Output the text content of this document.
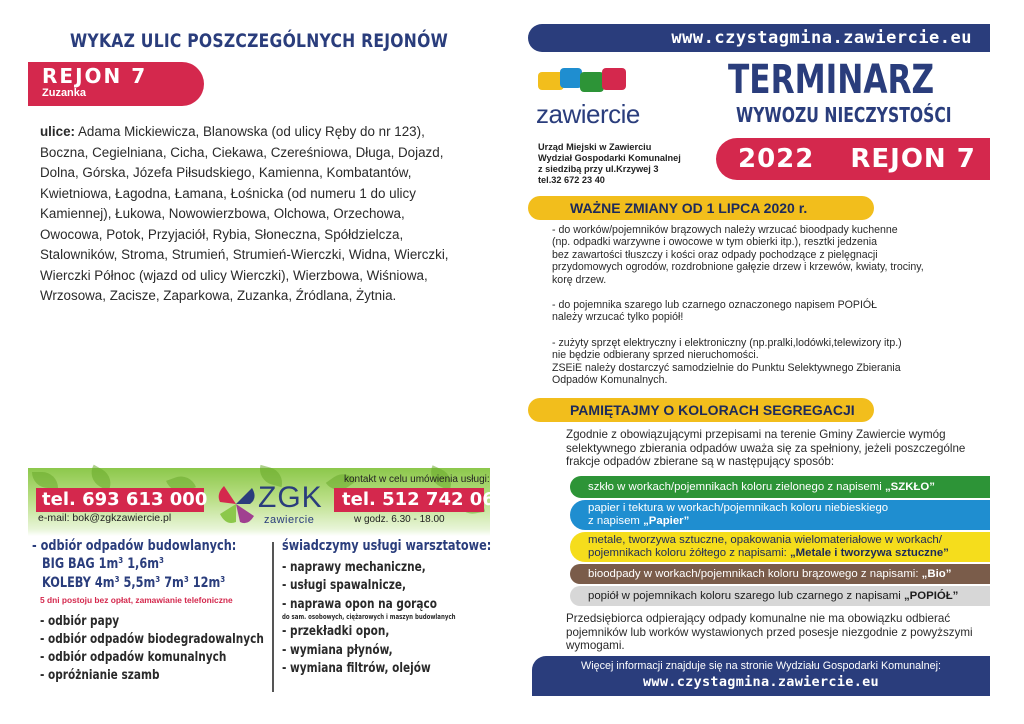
WYKAZ ULIC POSZCZEGÓLNYCH REJONÓW
REJON 7
Zuzanka
ulice: Adama Mickiewicza, Blanowska (od ulicy Ręby do nr 123), Boczna, Cegielniana, Cicha, Ciekawa, Czereśniowa, Długa, Dojazd, Dolna, Górska, Józefa Piłsudskiego, Kamienna, Kombatantów, Kwietniowa, Łagodna, Łamana, Łośnicka (od numeru 1 do ulicy Kamiennej), Łukowa, Nowowierzbowa, Olchowa, Orzechowa, Owocowa, Potok, Przyjaciół, Rybia, Słoneczna, Spółdzielcza, Stalowników, Stroma, Strumień, Strumień-Wierczki, Widna, Wierczki, Wierczki Północ (wjazd od ulicy Wierczki), Wierzbowa, Wiśniowa, Wrzosowa, Zacisze, Zaparkowa, Zuzanka, Źródlana, Żytnia.
tel. 693 613 000
e-mail: bok@zgkzawiercie.pl
ZGK
zawiercie
kontakt w celu umówienia usługi:
tel. 512 742 062
w godz. 6.30 - 18.00
- odbiór odpadów budowlanych:
BIG BAG 1m³ 1,6m³
KOLEBY 4m³ 5,5m³ 7m³ 12m³
5 dni postoju bez opłat, zamawianie telefoniczne
- odbiór papy
- odbiór odpadów biodegradowalnych
- odbiór odpadów komunalnych
- opróżnianie szamb
świadczymy usługi warsztatowe:
- naprawy mechaniczne,
- usługi spawalnicze,
- naprawa opon na gorąco
do sam. osobowych, ciężarowych i maszyn budowlanych
- przekładki opon,
- wymiana płynów,
- wymiana filtrów, olejów
www.czystagmina.zawiercie.eu
zawiercie
TERMINARZ
WYWOZU NIECZYSTOŚCI
Urząd Miejski w Zawierciu
Wydział Gospodarki Komunalnej
z siedzibą przy ul.Krzywej 3
tel.32 672 23 40
2022 REJON 7
WAŻNE ZMIANY OD 1 LIPCA 2020 r.
- do worków/pojemników brązowych należy wrzucać bioodpady kuchenne
(np. odpadki warzywne i owocowe w tym obierki itp.), resztki jedzenia
bez zawartości tłuszczy i kości oraz odpady pochodzące z pielęgnacji
przydomowych ogrodów, rozdrobnione gałęzie drzew i krzewów, kwiaty, trociny,
korę drzew.
- do pojemnika szarego lub czarnego oznaczonego napisem POPIÓŁ
należy wrzucać tylko popiół!
- zużyty sprzęt elektryczny i elektroniczny (np.pralki,lodówki,telewizory itp.)
nie będzie odbierany sprzed nieruchomości.
ZSEiE należy dostarczyć samodzielnie do Punktu Selektywnego Zbierania
Odpadów Komunalnych.
PAMIĘTAJMY O KOLORACH SEGREGACJI
Zgodnie z obowiązującymi przepisami na terenie Gminy Zawiercie wymóg selektywnego zbierania odpadów uważa się za spełniony, jeżeli poszczególne frakcje odpadów zbierane są w następujący sposób:
szkło w workach/pojemnikach koloru zielonego z napisemi „SZKŁO”
papier i tektura w workach/pojemnikach koloru niebieskiego
z napisem „Papier”
metale, tworzywa sztuczne, opakowania wielomateriałowe w workach/
pojemnikach koloru żółtego z napisami: „Metale i tworzywa sztuczne”
bioodpady w workach/pojemnikach koloru brązowego z napisami: „Bio”
popiół w pojemnikach koloru szarego lub czarnego z napisami „POPIÓŁ”
Przedsiębiorca odpierający odpady komunalne nie ma obowiązku odbierać pojemników lub worków wystawionych przed posesje niezgodnie z powyższymi wymogami.
Więcej informacji znajduje się na stronie Wydziału Gospodarki Komunalnej:
www.czystagmina.zawiercie.eu
